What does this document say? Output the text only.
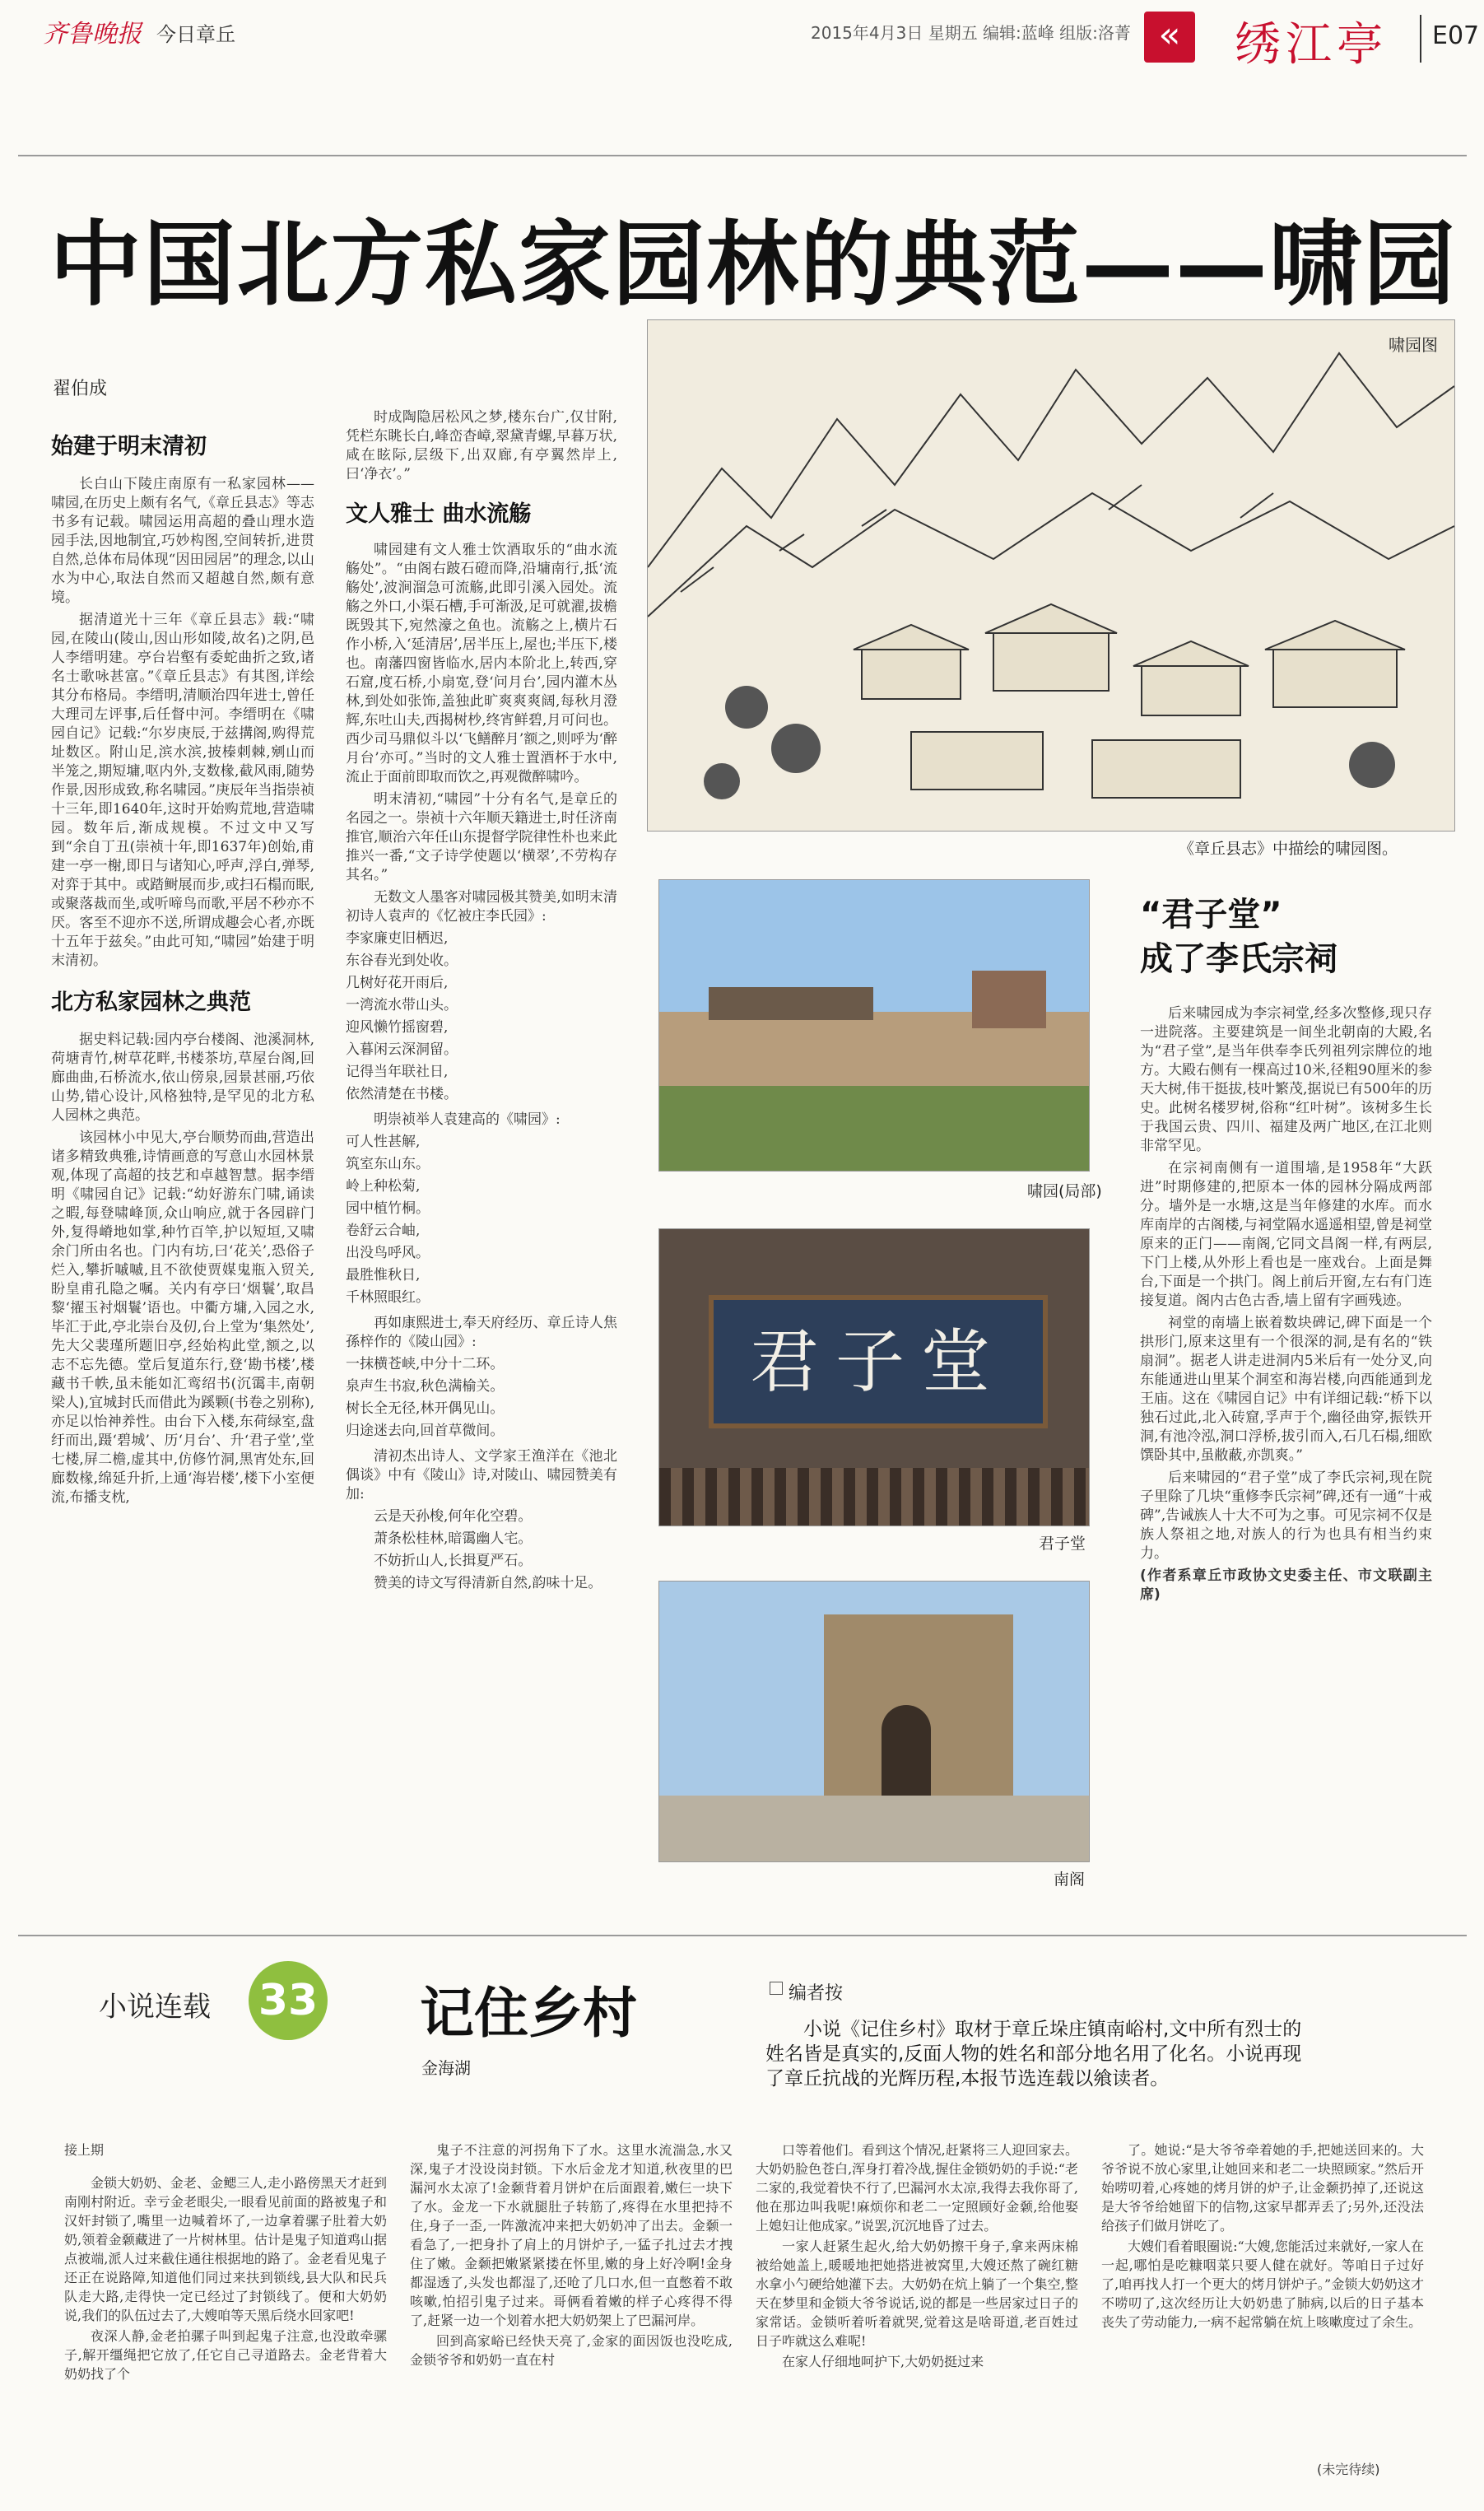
齐鲁晚报 今日章丘	2015年4月3日 星期五 编辑:蓝峰 组版:洛菁 «	绣江亭 E07
中国北方私家园林的典范——啸园
翟伯成
始建于明末清初

长白山下陵庄南原有一私家园林——啸园,在历史上颇有名气,《章丘县志》等志书多有记载。啸园运用高超的叠山理水造园手法,因地制宜,巧妙构图,空间转折,进贯自然,总体布局体现“因田园居”的理念,以山水为中心,取法自然而又超越自然,颇有意境。

据清道光十三年《章丘县志》载:“啸园,在陵山(陵山,因山形如陵,故名)之阴,邑人李缙明建。亭台岩壑有委蛇曲折之致,诸名士歌咏甚富。”《章丘县志》有其图,详绘其分布格局。李缙明,清顺治四年进士,曾任大理司左评事,后任督中河。李缙明在《啸园自记》记载:“尔岁庚辰,于兹搆阁,购得荒址数区。附山足,滨水滨,披榛刺棘,剜山而半笼之,期短墉,呕内外,支数椽,截风雨,随势作景,因形成致,称名啸园。”庚辰年当指崇祯十三年,即1640年,这时开始购荒地,营造啸园。数年后,渐成规模。不过文中又写到“余自丁丑(崇祯十年,即1637年)创始,甫建一亭一榭,即日与诸知心,呼声,浮白,弹琴,对弈于其中。或踏鲥展而步,或扫石榻而眠,或聚落裁而坐,或听啼鸟而歌,平居不秒亦不厌。客至不迎亦不送,所谓成趣会心者,亦既十五年于兹矣。”由此可知,“啸园”始建于明末清初。

北方私家园林之典范

据史料记载:园内亭台楼阁、池溪洞林,荷塘青竹,树草花畔,书楼茶坊,草屋台阁,回廊曲曲,石桥流水,依山傍泉,园景甚丽,巧依山势,错心设计,风格独特,是罕见的北方私人园林之典范。

该园林小中见大,亭台顺势而曲,营造出诸多精致典雅,诗情画意的写意山水园林景观,体现了高超的技艺和卓越智慧。据李缙明《啸园自记》记载:“幼好游东门啸,诵读之暇,每登啸峰顶,众山响应,就于各园辟门外,复得嵴地如掌,种竹百竿,护以短垣,又啸余门所由名也。门内有坊,曰‘花关’,恐俗子烂入,攀折嘁嘁,且不欲使贾媒鬼瓶入贸关,盼皇甫孔隐之嘱。关内有亭曰‘烟鬟’,取昌黎‘擢玉衬烟鬟’语也。中衢方墉,入园之水,毕汇于此,亭北崇台及仞,台上堂为‘集然处’,先大父裴瑾所题旧亭,经始构此堂,额之,以志不忘先德。堂后复道东行,登‘勘书楼’,楼藏书千帙,虽未能如汇鸾绍书(沉霭丰,南朝梁人),宜城封氏而借此为蹊颗(书卷之别称),亦足以怡神养性。由台下入楼,东荷绿室,盘纡而出,蹑‘碧城’、历‘月台’、升‘君子堂’,堂七楼,屏二檐,虚其中,仿修竹洞,黑宵处东,回廊数椽,绵延升折,上通‘海岩楼’,楼下小室便流,布播支枕,

时成陶隐居松风之梦,楼东台广,仅甘附,凭栏东眺长白,峰峦杳嶂,翠黛青螺,早暮万状,咸在眩际,层级下,出双廊,有亭翼然岸上,曰‘净衣’。”

文人雅士 曲水流觞

啸园建有文人雅士饮酒取乐的“曲水流觞处”。“由阁右跛石磴而降,沿墉南行,抵‘流觞处’,波涧溜急可流觞,此即引溪入园处。流觞之外口,小渠石槽,手可渐汲,足可就濯,拔檐既毁其下,宛然濠之鱼也。流觞之上,横片石作小桥,入‘延清居’,居半压上,屋也;半压下,楼也。南藩四窗皆临水,居内本阶北上,转西,穿石窟,度石桥,小扇宽,登‘问月台’,园内灌木丛林,到处如张饰,盖独此旷爽爽爽阔,每秋月澄辉,东吐山夫,西揭树杪,终宵鲜碧,月可问也。西少司马鼎似斗以‘飞鳝醉月’额之,则呼为‘醉月台’亦可。”当时的文人雅士置酒杯于水中,流止于面前即取而饮之,再观微醉啸吟。

明末清初,“啸园”十分有名气,是章丘的名园之一。崇祯十六年顺天籍进士,时任济南推官,顺治六年任山东提督学院律性朴也来此推兴一番,“文子诗学使题以‘横翠’,不劳构存其名。”

无数文人墨客对啸园极其赞美,如明末清初诗人袁声的《忆被庄李氏园》:

李家廉吏旧栖迟,

东谷春光到处收。

几树好花开雨后,

一湾流水带山头。

迎风懒竹摇窗碧,

入暮闲云深洞留。

记得当年联社日,

依然清楚在书楼。

明崇祯举人袁建高的《啸园》:

可人性甚解,

筑室东山东。

岭上种松菊,

园中植竹桐。

卷舒云合岫,

出没鸟呼风。

最胜惟秋日,

千林照眼红。

再如康熙进士,奉天府经历、章丘诗人焦孫梓作的《陵山园》:

一抹横苍峡,中分十二环。

泉声生书寂,秋色满榆关。

树长全无径,林开偶见山。

归途迷去向,回首草微间。

清初杰出诗人、文学家王渔洋在《池北偶谈》中有《陵山》诗,对陵山、啸园赞美有加:

云是天孙梭,何年化空碧。

萧条松桂林,暗霭幽人宅。

不妨折山人,长揖夏严石。

赞美的诗文写得清新自然,韵味十足。

啸园图
《章丘县志》中描绘的啸园图。
啸园(局部)
君子堂
君子堂
南阁
“君子堂”
成了李氏宗祠

后来啸园成为李宗祠堂,经多次整修,现只存一进院落。主要建筑是一间坐北朝南的大殿,名为“君子堂”,是当年供奉李氏列祖列宗牌位的地方。大殿右侧有一棵高过10米,径粗90厘米的参天大树,伟干挺拔,枝叶繁茂,据说已有500年的历史。此树名楼罗树,俗称“红叶树”。该树多生长于我国云贵、四川、福建及两广地区,在江北则非常罕见。

在宗祠南侧有一道围墙,是1958年“大跃进”时期修建的,把原本一体的园林分隔成两部分。墙外是一水塘,这是当年修建的水库。而水库南岸的古阁楼,与祠堂隔水遥遥相望,曾是祠堂原来的正门——南阁,它同文昌阁一样,有两层,下门上楼,从外形上看也是一座戏台。上面是舞台,下面是一个拱门。阁上前后开窗,左右有门连接复道。阁内古色古香,墙上留有字画残迹。

祠堂的南墙上嵌着数块碑记,碑下面是一个拱形门,原来这里有一个很深的洞,是有名的“铁扇洞”。据老人讲走进洞内5米后有一处分叉,向东能通进山里某个洞室和海岩楼,向西能通到龙王庙。这在《啸园自记》中有详细记载:“桥下以独石过此,北入砖窟,孚声于个,幽径曲穿,振铁开洞,有池冷泓,洞口浮桥,拔引而入,石几石榻,细欧馔卧其中,虽敝蔽,亦凯爽。”

后来啸园的“君子堂”成了李氏宗祠,现在院子里除了几块“重修李氏宗祠”碑,还有一通“十戒碑”,告诫族人十大不可为之事。可见宗祠不仅是族人祭祖之地,对族人的行为也具有相当约束力。

(作者系章丘市政协文史委主任、市文联副主席)
小说连载 33 记住乡村
金海湖
编者按
小说《记住乡村》取材于章丘垛庄镇南峪村,文中所有烈士的姓名皆是真实的,反面人物的姓名和部分地名用了化名。小说再现了章丘抗战的光辉历程,本报节选连载以飨读者。
接上期

金锁大奶奶、金老、金鳃三人,走小路傍黑天才赶到南刚村附近。幸亏金老眼尖,一眼看见前面的路被鬼子和汉奸封锁了,嘴里一边喊着坏了,一边拿着骡子肚着大奶奶,领着金颡藏进了一片树林里。估计是鬼子知道鸡山据点被端,派人过来截住通往根据地的路了。金老看见鬼子还正在说路障,知道他们同过来扶到锁线,县大队和民兵队走大路,走得快一定已经过了封锁线了。便和大奶奶说,我们的队伍过去了,大嫂咱等天黑后绕水回家吧!

夜深人静,金老拍骡子叫到起鬼子注意,也没敢牵骡子,解开缰绳把它放了,任它自己寻道路去。金老背着大奶奶找了个

鬼子不注意的河拐角下了水。这里水流湍急,水又深,鬼子才没设岗封锁。下水后金龙才知道,秋夜里的巴漏河水太凉了!金颡背着月饼炉在后面跟着,嫩仨一块下了水。金龙一下水就腿肚子转筋了,疼得在水里把持不住,身子一歪,一阵激流冲来把大奶奶冲了出去。金颡一看急了,一把身扑了肩上的月饼炉子,一猛子扎过去才拽住了嫩。金颡把嫩紧紧搂在怀里,嫩的身上好冷啊!金身都湿透了,头发也都湿了,还呛了几口水,但一直憋着不敢咳嗽,怕招引鬼子过来。哥俩看着嫩的样子心疼得不得了,赶紧一边一个划着水把大奶奶架上了巴漏河岸。

回到高家峪已经快天亮了,金家的面因饭也没吃成,金锁爷爷和奶奶一直在村

口等着他们。看到这个情况,赶紧将三人迎回家去。大奶奶脸色苍白,浑身打着冷战,握住金锁奶奶的手说:“老二家的,我觉着快不行了,巴漏河水太凉,我得去我你哥了,他在那边叫我呢!麻烦你和老二一定照顾好金颡,给他娶上媳妇让他成家。”说罢,沉沉地昏了过去。

一家人赶紧生起火,给大奶奶擦干身子,拿来两床棉被给她盖上,暖暖地把她搭进被窝里,大嫂还熬了碗红糖水拿小勺硬给她灌下去。大奶奶在炕上躺了一个集空,整天在梦里和金锁大爷爷说话,说的都是一些居家过日子的家常话。金锁听着听着就哭,觉着这是啥哥道,老百姓过日子咋就这么难呢!

在家人仔细地呵护下,大奶奶挺过来

了。她说:“是大爷爷牵着她的手,把她送回来的。大爷爷说不放心家里,让她回来和老二一块照顾家。”然后开始唠叨着,心疼她的烤月饼的炉子,让金颡扔掉了,还说这是大爷爷给她留下的信物,这家早都弄丢了;另外,还没法给孩子们做月饼吃了。

大嫂们看着眼圈说:“大嫂,您能活过来就好,一家人在一起,哪怕是吃糠咽菜只要人健在就好。等咱日子过好了,咱再找人打一个更大的烤月饼炉子。”金锁大奶奶这才不唠叨了,这次经历让大奶奶患了肺病,以后的日子基本丧失了劳动能力,一病不起常躺在炕上咳嗽度过了余生。

(未完待续)
